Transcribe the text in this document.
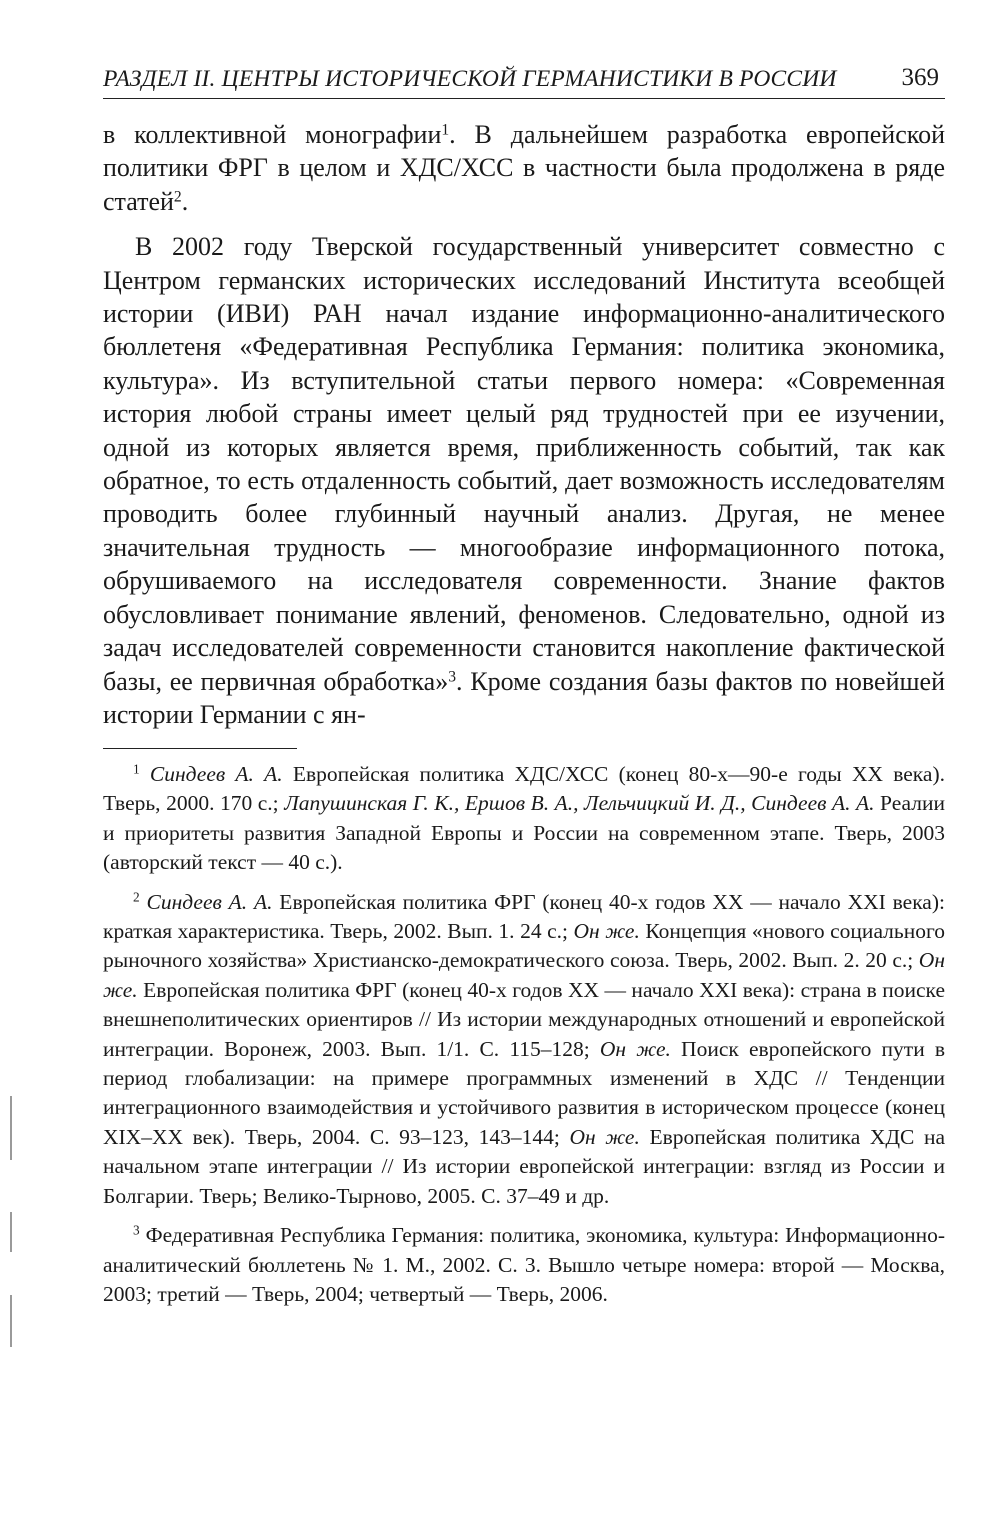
РАЗДЕЛ II. ЦЕНТРЫ ИСТОРИЧЕСКОЙ ГЕРМАНИСТИКИ В РОССИИ	369

в коллективной монографии$^1$. В дальнейшем разработка европейской политики ФРГ в целом и ХДС/ХСС в частности была продолжена в ряде статей$^2$.

В 2002 году Тверской государственный университет совместно с Центром германских исторических исследований Института всеобщей истории (ИВИ) РАН начал издание информационно-аналитического бюллетеня «Федеративная Республика Германия: политика экономика, культура». Из вступительной статьи первого номера: «Современная история любой страны имеет целый ряд трудностей при ее изучении, одной из которых является время, приближенность событий, так как обратное, то есть отдаленность событий, дает возможность исследователям проводить более глубинный научный анализ. Другая, не менее значительная трудность — многообразие информационного потока, обрушиваемого на исследователя современности. Знание фактов обусловливает понимание явлений, феноменов. Следовательно, одной из задач исследователей современности становится накопление фактической базы, ее первичная обработка»$^3$. Кроме создания базы фактов по новейшей истории Германии с ян-

$^1$ Синдеев А. А. Европейская политика ХДС/ХСС (конец 80-х—90-е годы XX века). Тверь, 2000. 170 с.; Лапушинская Г. К., Ершов В. А., Лельчицкий И. Д., Синдеев А. А. Реалии и приоритеты развития Западной Европы и России на современном этапе. Тверь, 2003 (авторский текст — 40 с.).

$^2$ Синдеев А. А. Европейская политика ФРГ (конец 40-х годов XX — начало XXI века): краткая характеристика. Тверь, 2002. Вып. 1. 24 с.; Он же. Концепция «нового социального рыночного хозяйства» Христианско-демократического союза. Тверь, 2002. Вып. 2. 20 с.; Он же. Европейская политика ФРГ (конец 40-х годов XX — начало XXI века): страна в поиске внешнеполитических ориентиров // Из истории международных отношений и европейской интеграции. Воронеж, 2003. Вып. 1/1. С. 115–128; Он же. Поиск европейского пути в период глобализации: на примере программных изменений в ХДС // Тенденции интеграционного взаимодействия и устойчивого развития в историческом процессе (конец XIX–XX век). Тверь, 2004. С. 93–123, 143–144; Он же. Европейская политика ХДС на начальном этапе интеграции // Из истории европейской интеграции: взгляд из России и Болгарии. Тверь; Велико-Тырново, 2005. С. 37–49 и др.

$^3$ Федеративная Республика Германия: политика, экономика, культура: Информационно-аналитический бюллетень № 1. М., 2002. С. 3. Вышло четыре номера: второй — Москва, 2003; третий — Тверь, 2004; четвертый — Тверь, 2006.
